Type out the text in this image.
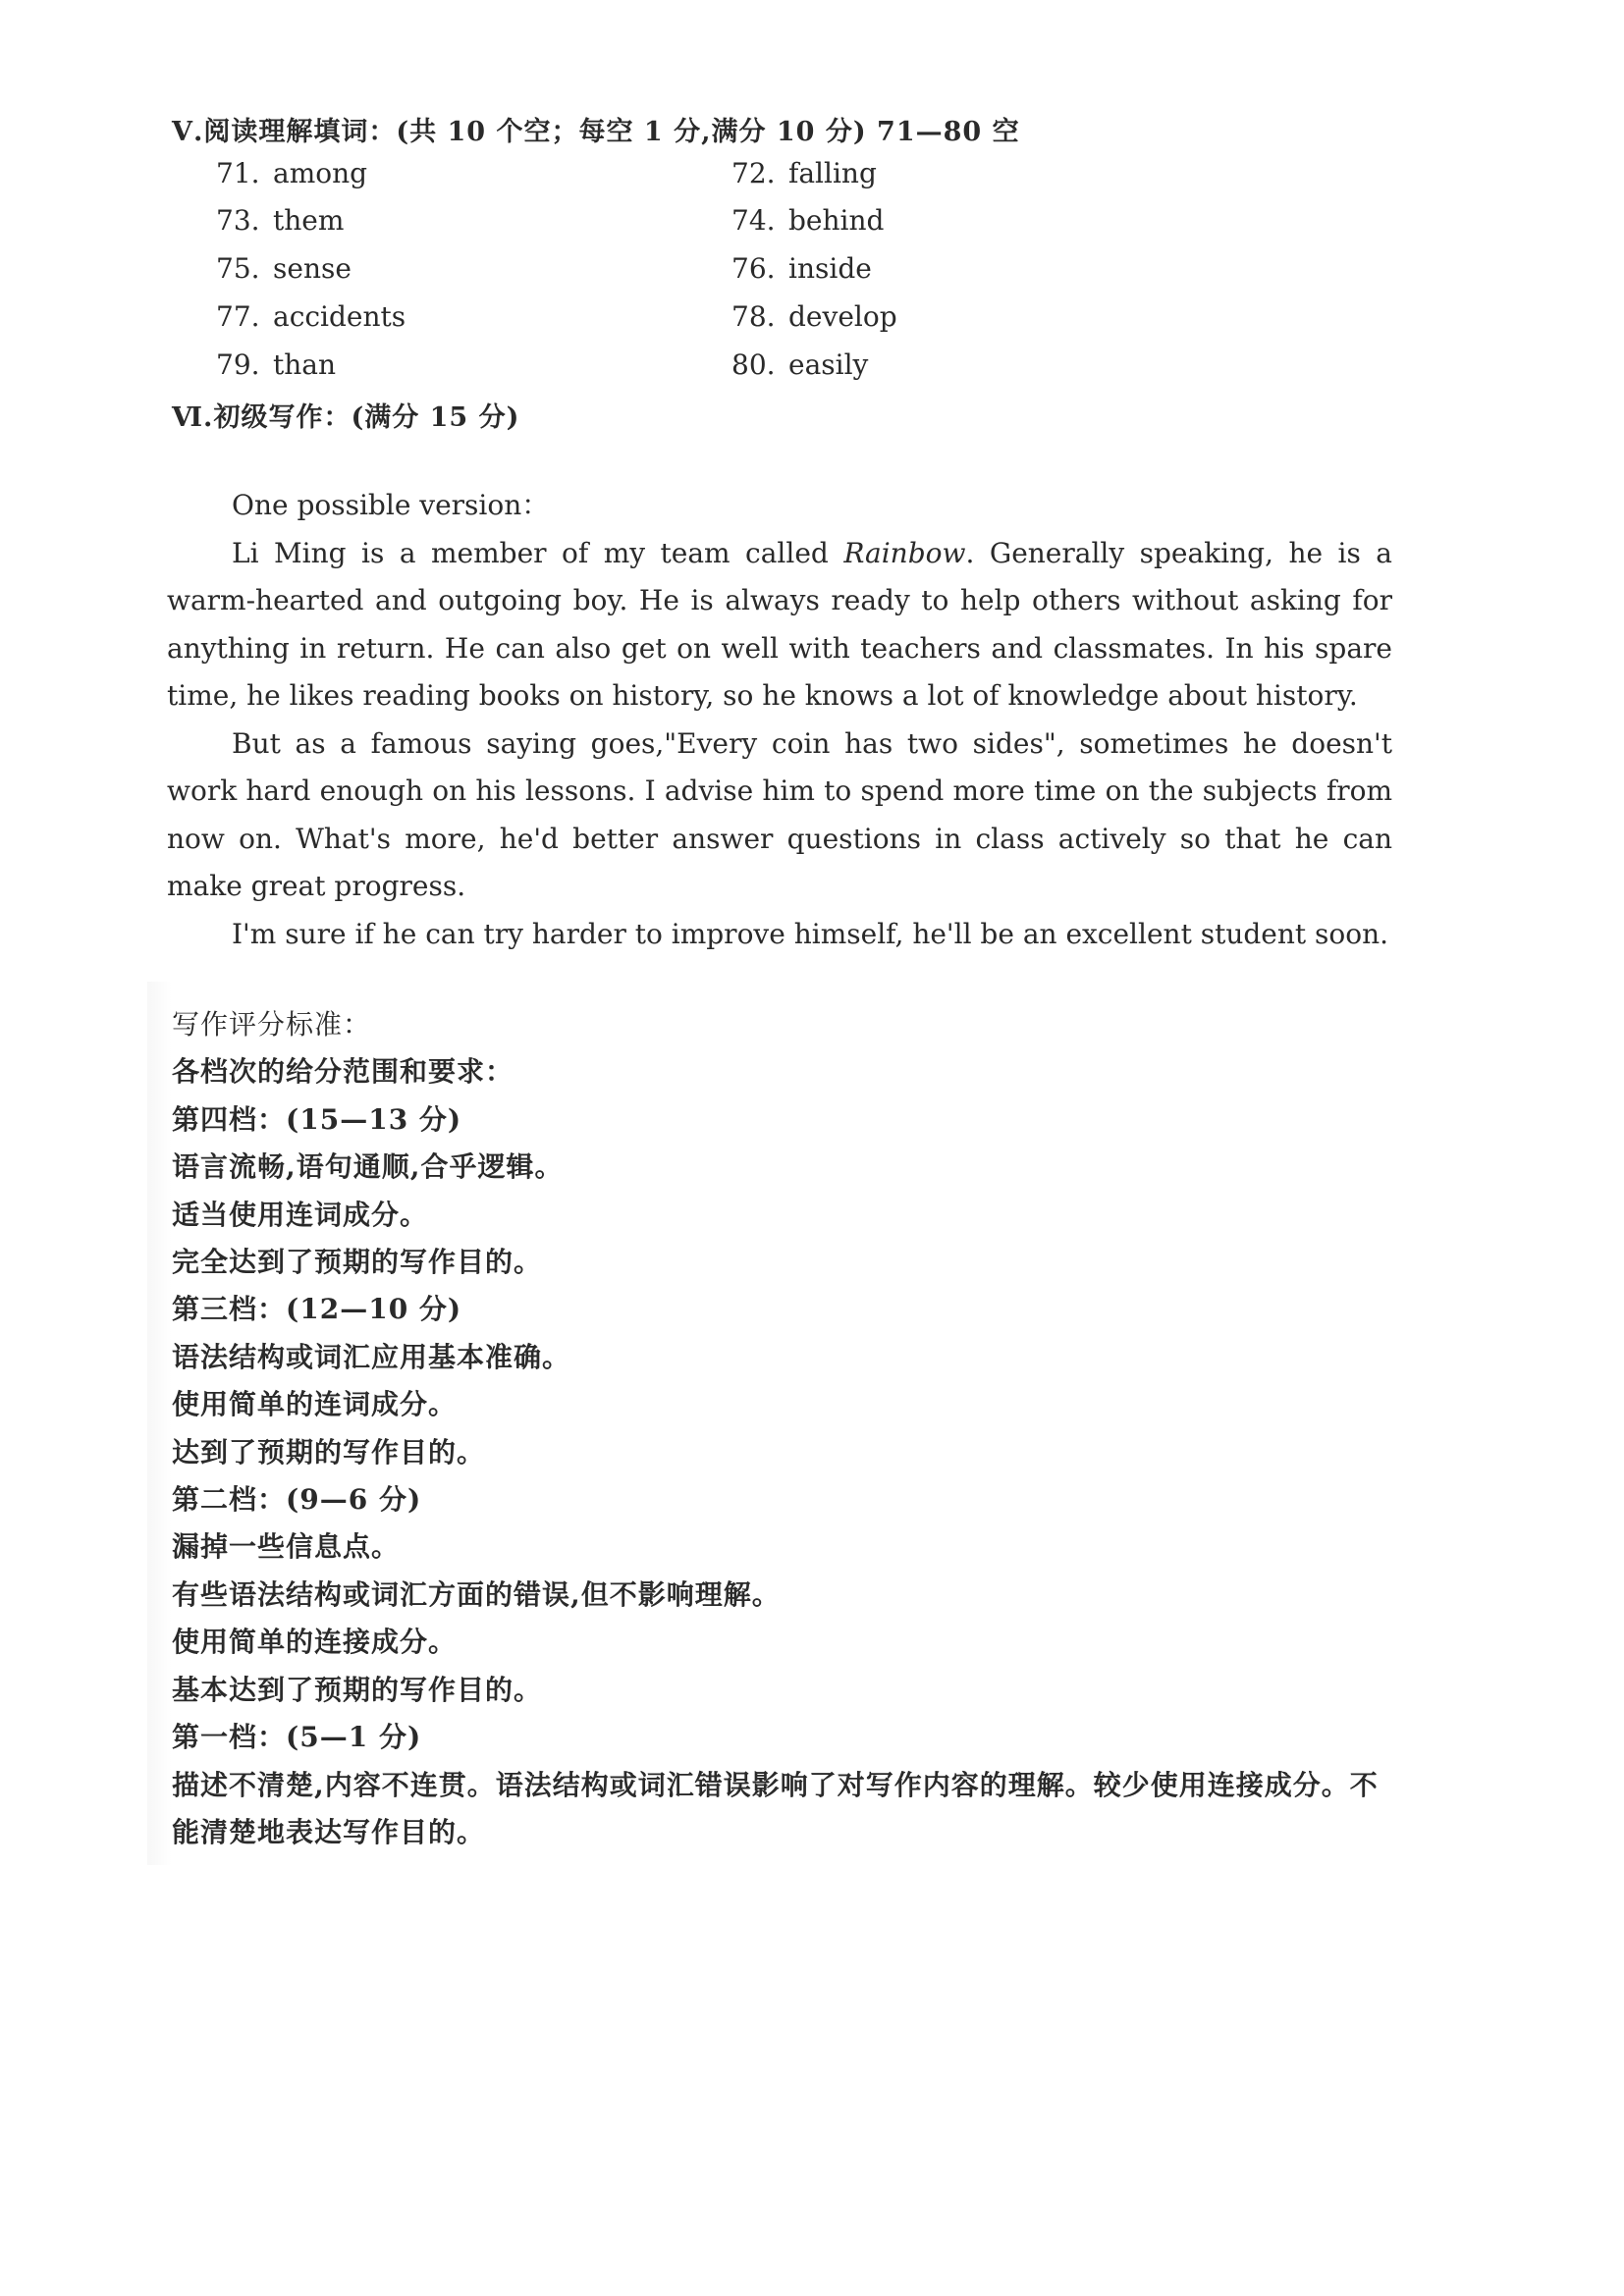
Ⅴ.阅读理解填词：(共 10 个空；每空 1 分,满分 10 分) 71—80 空
71. among	72. falling
73. them	74. behind
75. sense	76. inside
77. accidents	78. develop
79. than	80. easily
Ⅵ.初级写作：(满分 15 分)

One possible version：

Li Ming is a member of my team called Rainbow. Generally speaking, he is a warm-hearted and outgoing boy. He is always ready to help others without asking for anything in return. He can also get on well with teachers and classmates. In his spare time, he likes reading books on history, so he knows a lot of knowledge about history.

But as a famous saying goes,"Every coin has two sides", sometimes he doesn't work hard enough on his lessons. I advise him to spend more time on the subjects from now on. What's more, he'd better answer questions in class actively so that he can make great progress.

I'm sure if he can try harder to improve himself, he'll be an excellent student soon.

写作评分标准：
各档次的给分范围和要求：
第四档：(15—13 分)
语言流畅,语句通顺,合乎逻辑。
适当使用连词成分。
完全达到了预期的写作目的。
第三档：(12—10 分)
语法结构或词汇应用基本准确。
使用简单的连词成分。
达到了预期的写作目的。
第二档：(9—6 分)
漏掉一些信息点。
有些语法结构或词汇方面的错误,但不影响理解。
使用简单的连接成分。
基本达到了预期的写作目的。
第一档：(5—1 分)
描述不清楚,内容不连贯。语法结构或词汇错误影响了对写作内容的理解。较少使用连接成分。不能清楚地表达写作目的。
